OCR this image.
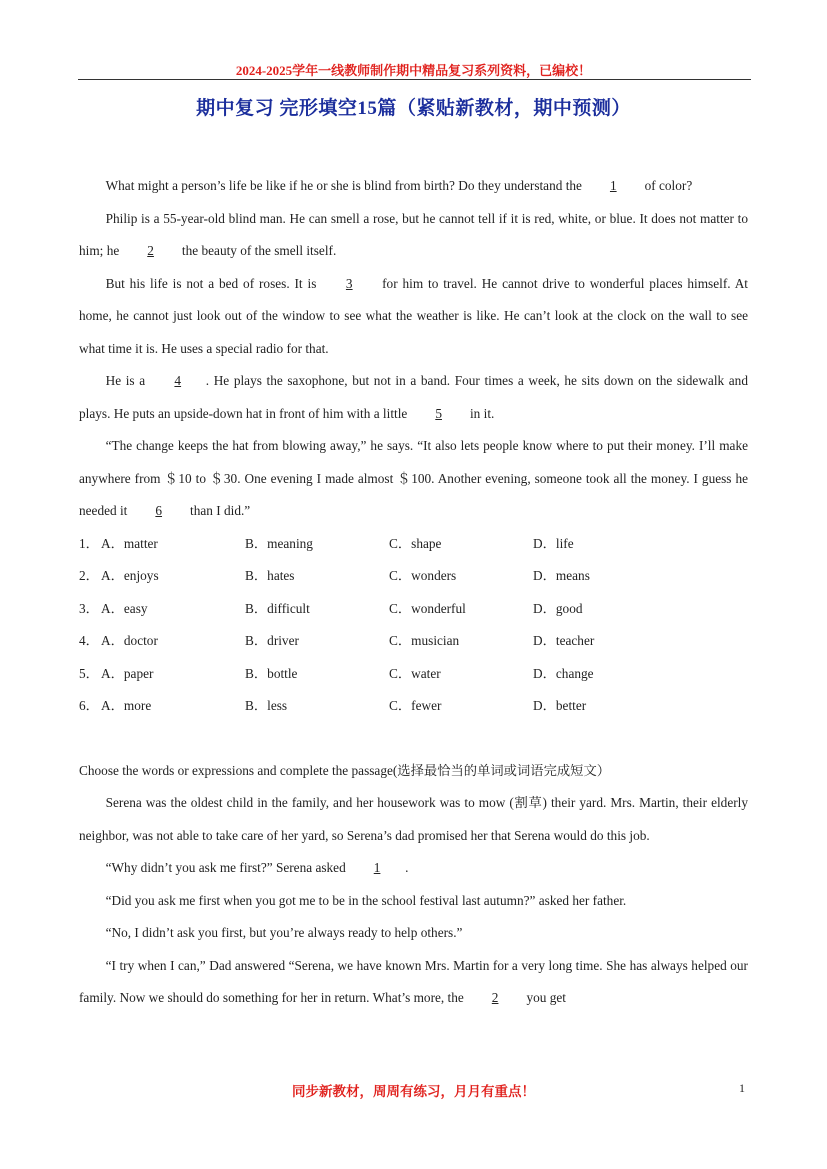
2024-2025学年一线教师制作期中精品复习系列资料，已编校！
期中复习 完形填空15篇（紧贴新教材，期中预测）

What might a person’s life be like if he or she is blind from birth? Do they understand the 1 of color?

Philip is a 55-year-old blind man. He can smell a rose, but he cannot tell if it is red, white, or blue. It does not matter to him; he 2 the beauty of the smell itself.

But his life is not a bed of roses. It is 3 for him to travel. He cannot drive to wonderful places himself. At home, he cannot just look out of the window to see what the weather is like. He can’t look at the clock on the wall to see what time it is. He uses a special radio for that.

He is a 4 . He plays the saxophone, but not in a band. Four times a week, he sits down on the sidewalk and plays. He puts an upside-down hat in front of him with a little 5 in it.

“The change keeps the hat from blowing away,” he says. “It also lets people know where to put their money. I’ll make anywhere from ＄10 to ＄30. One evening I made almost ＄100. Another evening, someone took all the money. I guess he needed it 6 than I did.”

1． A．matter	B．meaning	C．shape	D．life
2． A．enjoys	B．hates	C．wonders	D．means
3． A．easy	B．difficult	C．wonderful	D．good
4． A．doctor	B．driver	C．musician	D．teacher
5． A．paper	B．bottle	C．water	D．change
6． A．more	B．less	C．fewer	D．better

Choose the words or expressions and complete the passage(选择最恰当的单词或词语完成短文）

Serena was the oldest child in the family, and her housework was to mow (割草) their yard. Mrs. Martin, their elderly neighbor, was not able to take care of her yard, so Serena’s dad promised her that Serena would do this job.

“Why didn’t you ask me first?” Serena asked 1 .

“Did you ask me first when you got me to be in the school festival last autumn?” asked her father.

“No, I didn’t ask you first, but you’re always ready to help others.”

“I try when I can,” Dad answered “Serena, we have known Mrs. Martin for a very long time. She has always helped our family. Now we should do something for her in return. What’s more, the 2 you get

同步新教材，周周有练习，月月有重点！	1
